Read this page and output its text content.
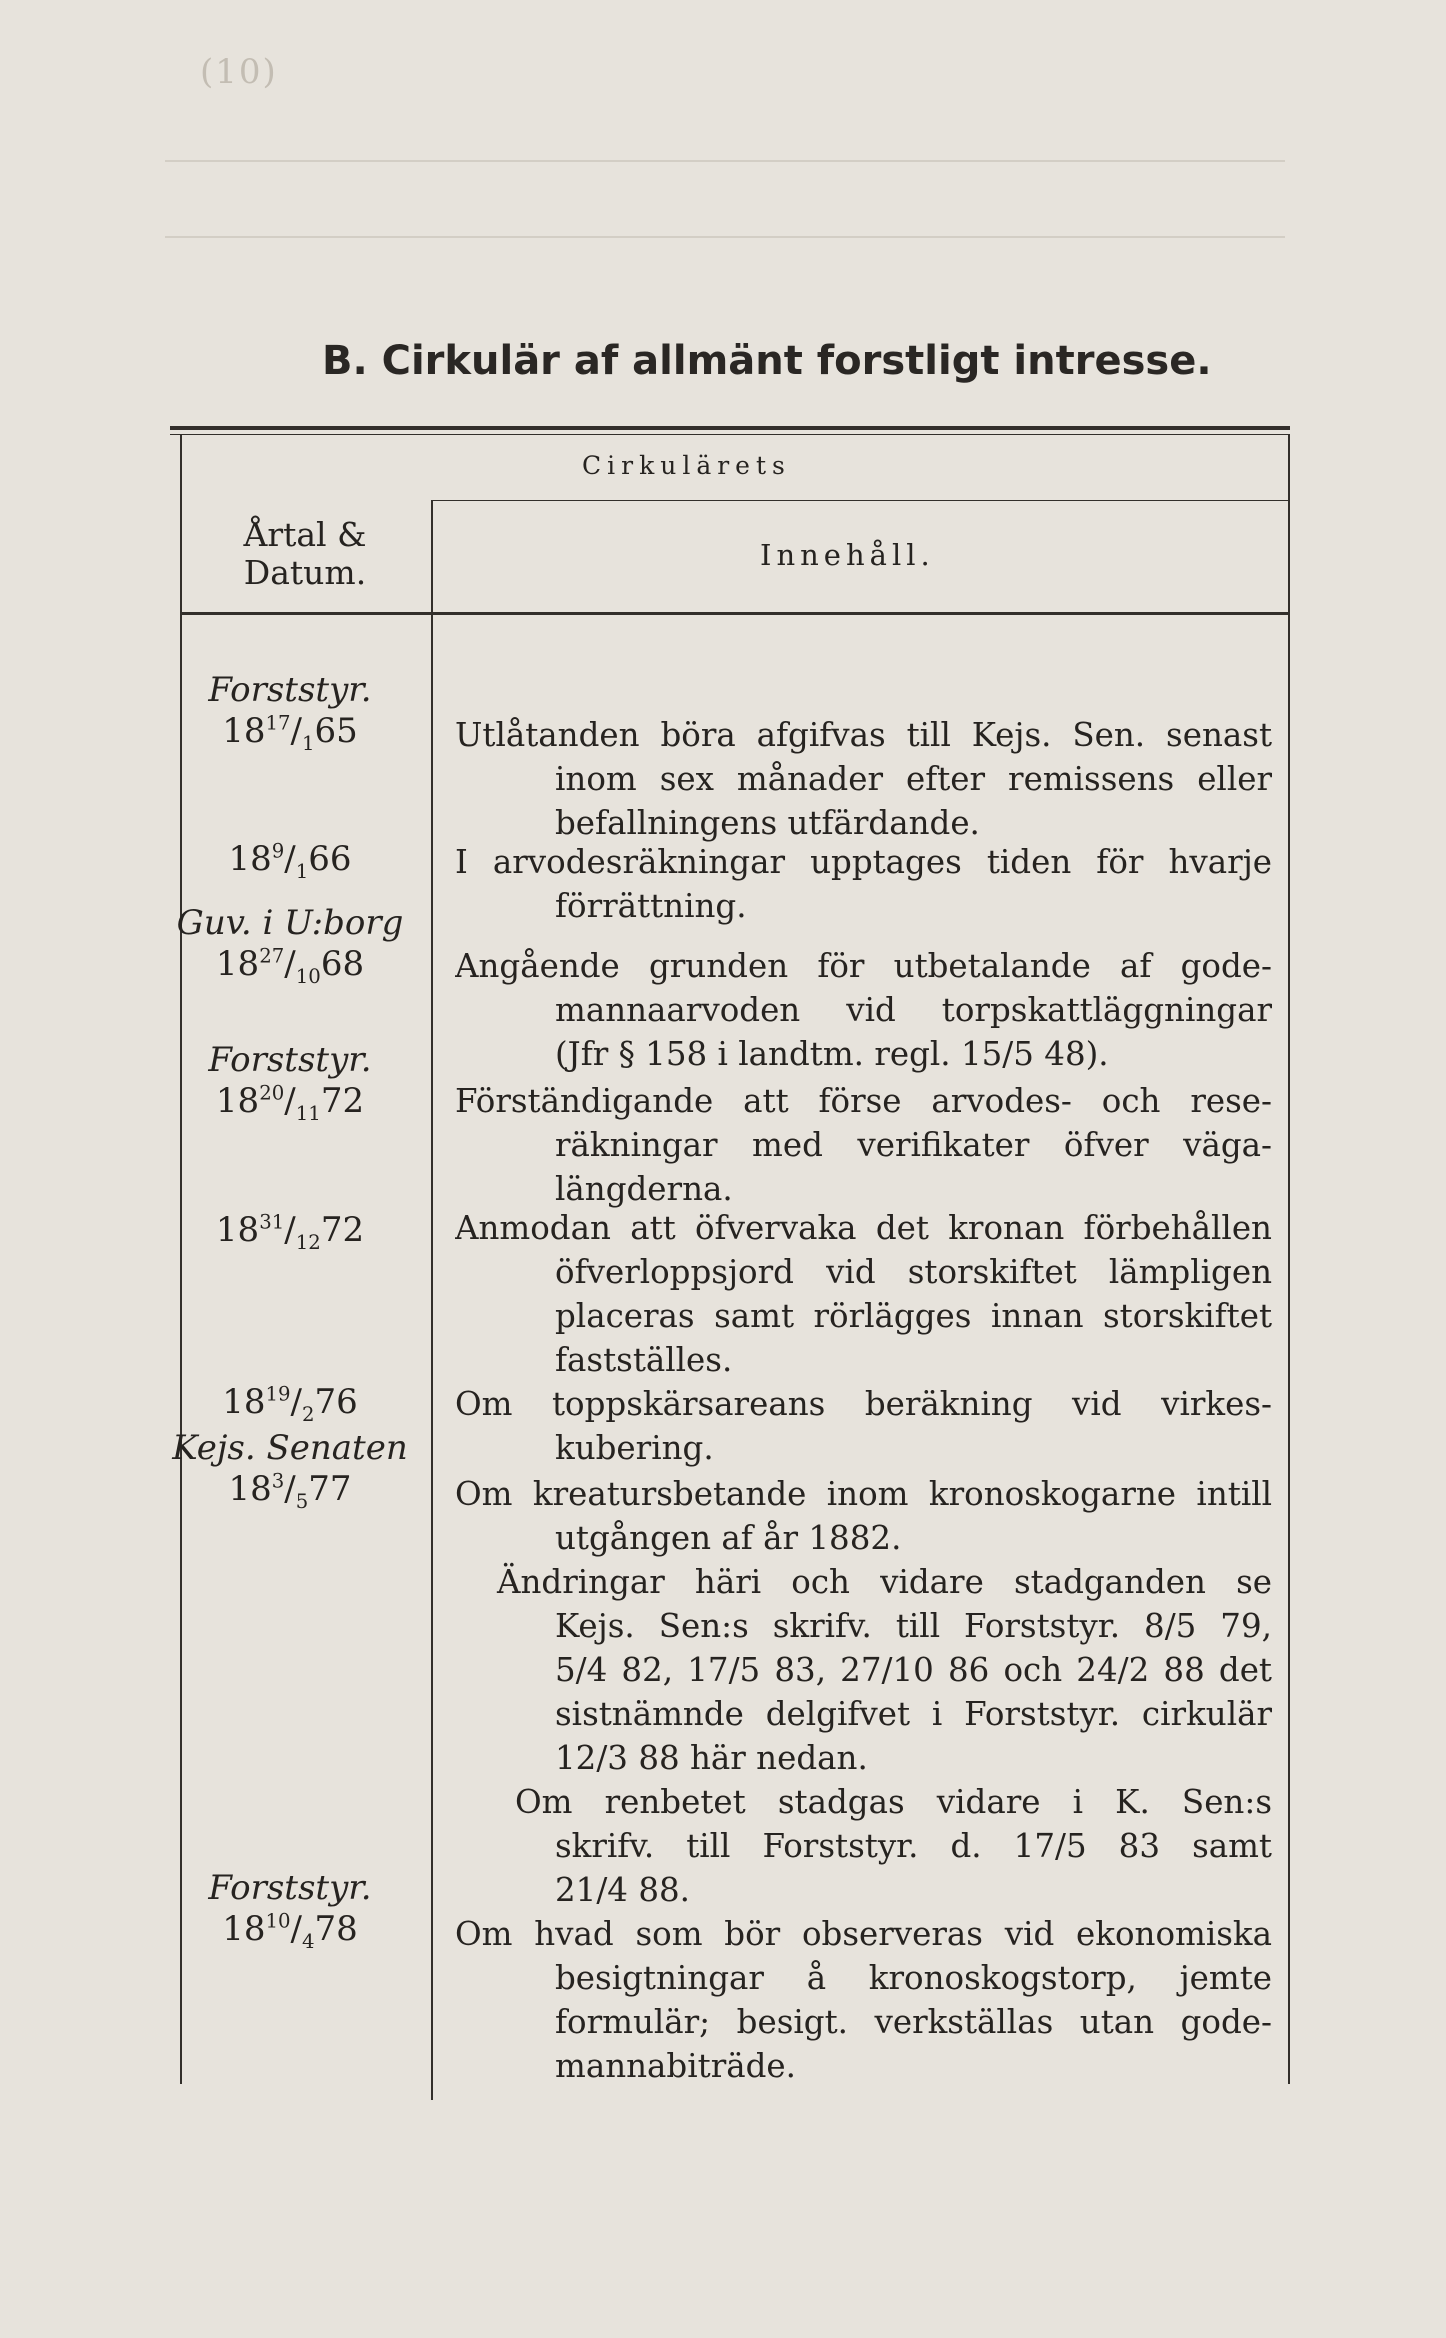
(10)
B. Cirkulär af allmänt forstligt intresse.
Årtal &
Datum.
Cirkulärets
Innehåll.
Forststyr.
$18^{17}/_165$	Utlåtanden böra afgifvas till Kejs. Sen. senast
inom sex månader efter remissens eller
befallningens utfärdande.
$18^9/_166$	I arvodesräkningar upptages tiden för hvarje
förrättning.
Guv. i U:borg
$18^{27}/_{10}68$	Angående grunden för utbetalande af gode-
mannaarvoden vid torpskattläggningar
(Jfr § 158 i landtm. regl. 15/5 48).
Forststyr.
$18^{20}/_{11}72$	Förständigande att förse arvodes- och rese-
räkningar med verifikater öfver väga-
längderna.
$18^{31}/_{12}72$	Anmodan att öfvervaka det kronan förbehållen
öfverloppsjord vid storskiftet lämpligen
placeras samt rörlägges innan storskiftet
fastställes.
$18^{19}/_276$	Om toppskärsareans beräkning vid virkes-
kubering.
Kejs. Senaten
$18^3/_577$	Om kreatursbetande inom kronoskogarne intill
utgången af år 1882.
Ändringar häri och vidare stadganden se
Kejs. Sen:s skrifv. till Forststyr. 8/5 79,
5/4 82, 17/5 83, 27/10 86 och 24/2 88 det
sistnämnde delgifvet i Forststyr. cirkulär
12/3 88 här nedan.
Om renbetet stadgas vidare i K. Sen:s
skrifv. till Forststyr. d. 17/5 83 samt
21/4 88.
Forststyr.
$18^{10}/_478$	Om hvad som bör observeras vid ekonomiska
besigtningar å kronoskogstorp, jemte
formulär; besigt. verkställas utan gode-
mannabiträde.
